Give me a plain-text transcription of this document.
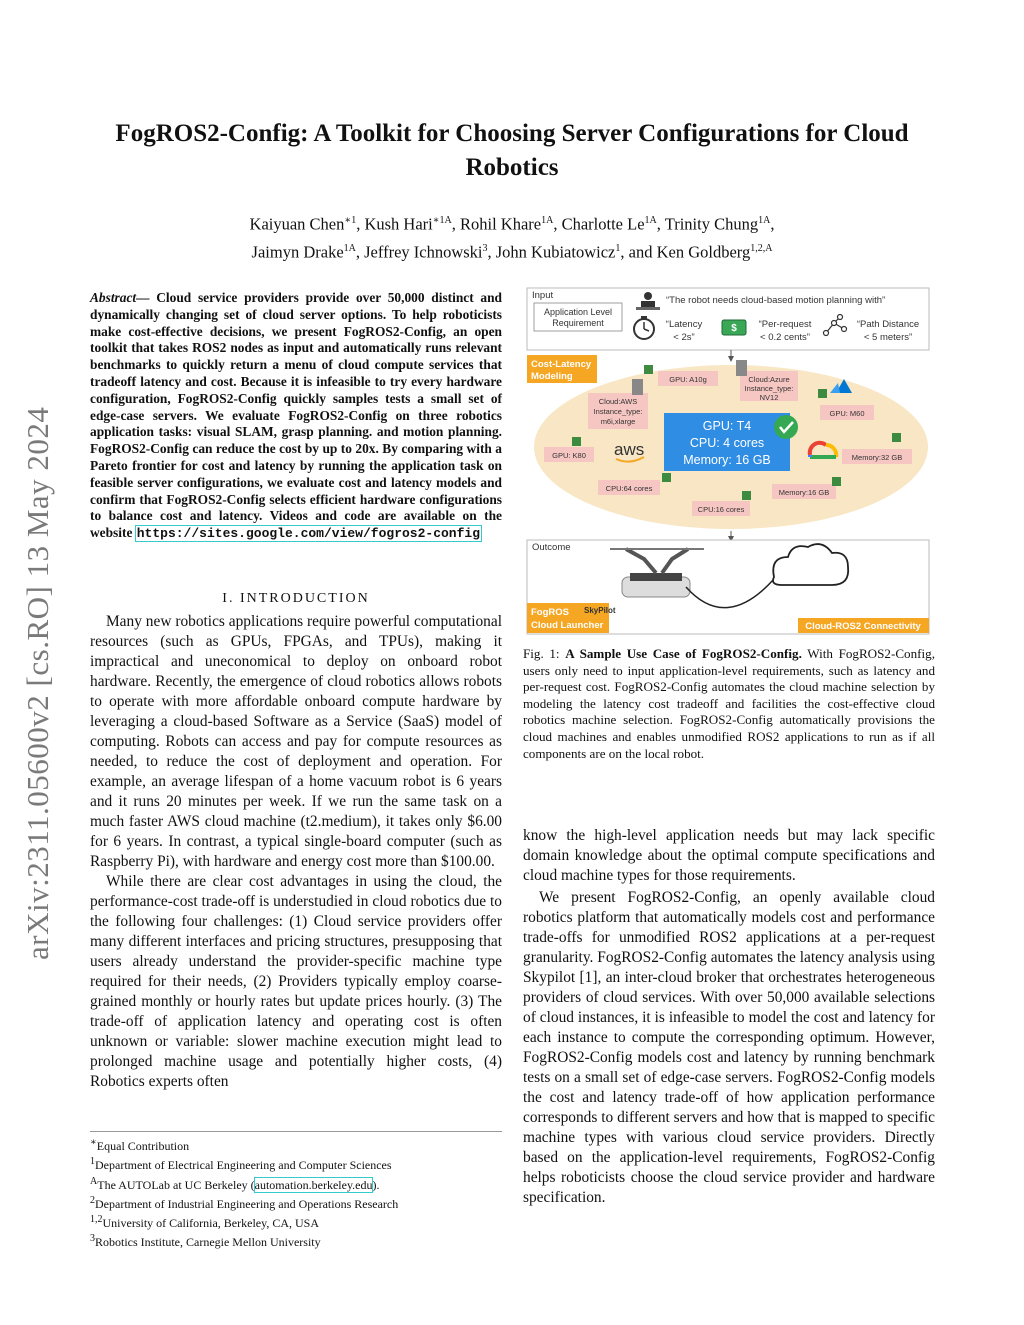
arXiv:2311.05600v2 [cs.RO] 13 May 2024
FogROS2-Config: A Toolkit for Choosing Server Configurations for Cloud Robotics
Kaiyuan Chen$^{∗1}$, Kush Hari$^{∗1A}$, Rohil Khare$^{1A}$, Charlotte $Le^{1A}$, Trinity Chung$^{1A}$,
Jaimyn Drake$^{1A}$, Jeffrey Ichnowski$^3$, John Kubiatowicz$^1$, and Ken Goldberg$^{1,2,A}$
Abstract— Cloud service providers provide over 50,000 distinct and dynamically changing set of cloud server options. To help roboticists make cost-effective decisions, we present FogROS2-Config, an open toolkit that takes ROS2 nodes as input and automatically runs relevant benchmarks to quickly return a menu of cloud compute services that tradeoff latency and cost. Because it is infeasible to try every hardware configuration, FogROS2-Config quickly samples tests a small set of edge-case servers. We evaluate FogROS2-Config on three robotics application tasks: visual SLAM, grasp planning. and motion planning. FogROS2-Config can reduce the cost by up to 20x. By comparing with a Pareto frontier for cost and latency by running the application task on feasible server configurations, we evaluate cost and latency models and confirm that FogROS2-Config selects efficient hardware configurations to balance cost and latency. Videos and code are available on the website https://sites.google.com/view/fogros2-config
I. INTRODUCTION

Many new robotics applications require powerful computational resources (such as GPUs, FPGAs, and TPUs), making it impractical and uneconomical to deploy on onboard robot hardware. Recently, the emergence of cloud robotics allows robots to operate with more affordable onboard compute hardware by leveraging a cloud-based Software as a Service (SaaS) model of computing. Robots can access and pay for compute resources as needed, to reduce the cost of deployment and operation. For example, an average lifespan of a home vacuum robot is 6 years and it runs 20 minutes per week. If we run the same task on a much faster AWS cloud machine (t2.medium), it takes only $6.00 for 6 years. In contrast, a typical single-board computer (such as Raspberry Pi), with hardware and energy cost more than $100.00.

While there are clear cost advantages in using the cloud, the performance-cost trade-off is understudied in cloud robotics due to the following four challenges: (1) Cloud service providers offer many different interfaces and pricing structures, presupposing that users already understand the provider-specific machine type required for their needs, (2) Providers typically employ coarse-grained monthly or hourly rates but update prices hourly. (3) The trade-off of application latency and operating cost is often unknown or variable: slower machine execution might lead to prolonged machine usage and potentially higher costs, (4) Robotics experts often

∗Equal Contribution
$^1$Department of Electrical Engineering and Computer Sciences
$^A$The AUTOLab at UC Berkeley (automation.berkeley.edu).
$^2$Department of Industrial Engineering and Operations Research
$^{1,2}$University of California, Berkeley, CA, USA
$^3$Robotics Institute, Carnegie Mellon University
Input
Application Level
Requirement
“The robot needs cloud-based motion planning with”
“Latency
< 2s”
$ “Per-request
< 0.2 cents”
“Path Distance
< 5 meters”
Cost-Latency
Modeling	GPU: A10g	Cloud:Azure
Instance_type:
NV12
Cloud:AWS
Instance_type:
m6i,xlarge
GPU: M60
GPU: K80	Memory:32 GB
CPU:64 cores	Memory:16 GB
CPU:16 cores
aws
GPU: T4
CPU: 4 cores
Memory: 16 GB
Outcome
FogROS
Cloud Launcher
SkyPilot
Cloud-ROS2 Connectivity
Fig. 1: A Sample Use Case of FogROS2-Config. With FogROS2-Config, users only need to input application-level requirements, such as latency and per-request cost. FogROS2-Config automates the cloud machine selection by modeling the latency cost tradeoff and facilities the cost-effective cloud robotics machine selection. FogROS2-Config automatically provisions the cloud machines and enables unmodified ROS2 applications to run as if all components are on the local robot.

know the high-level application needs but may lack specific domain knowledge about the optimal compute specifications and cloud machine types for those requirements.

We present FogROS2-Config, an openly available cloud robotics platform that automatically models cost and performance trade-offs for unmodified ROS2 applications at a per-request granularity. FogROS2-Config automates the latency analysis using Skypilot [1], an inter-cloud broker that orchestrates heterogeneous providers of cloud services. With over 50,000 available selections of cloud instances, it is infeasible to model the cost and latency for each instance to compute the corresponding optimum. However, FogROS2-Config models cost and latency by running benchmark tests on a small set of edge-case servers. FogROS2-Config models the cost and latency trade-off of how application performance corresponds to different servers and how that is mapped to specific machine types with various cloud service providers. Directly based on the application-level requirements, FogROS2-Config helps roboticists choose the cloud service provider and hardware specification.
